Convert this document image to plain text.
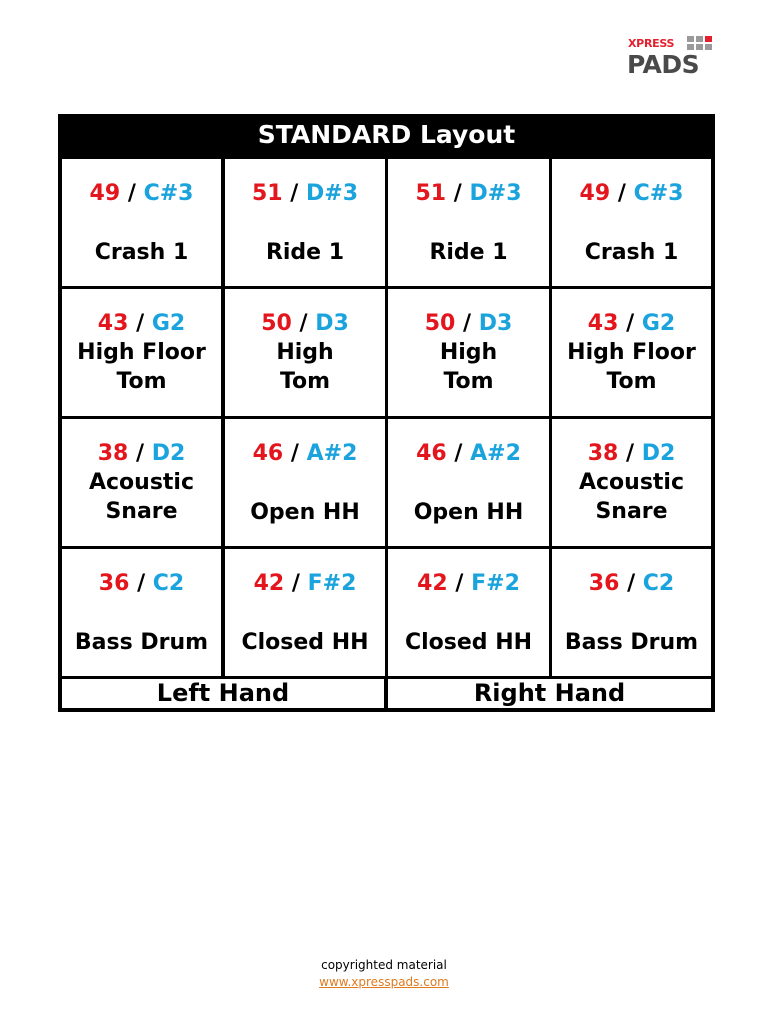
XPRESS
PADS
STANDARD Layout
49 / C#3
Crash 1
51 / D#3
Ride 1
51 / D#3
Ride 1
49 / C#3
Crash 1
43 / G2
High Floor
Tom
50 / D3
High
Tom
50 / D3
High
Tom
43 / G2
High Floor
Tom
38 / D2
Acoustic
Snare
46 / A#2
Open HH
46 / A#2
Open HH
38 / D2
Acoustic
Snare
36 / C2
Bass Drum
42 / F#2
Closed HH
42 / F#2
Closed HH
36 / C2
Bass Drum
Left Hand	Right Hand
copyrighted material
www.xpresspads.com
